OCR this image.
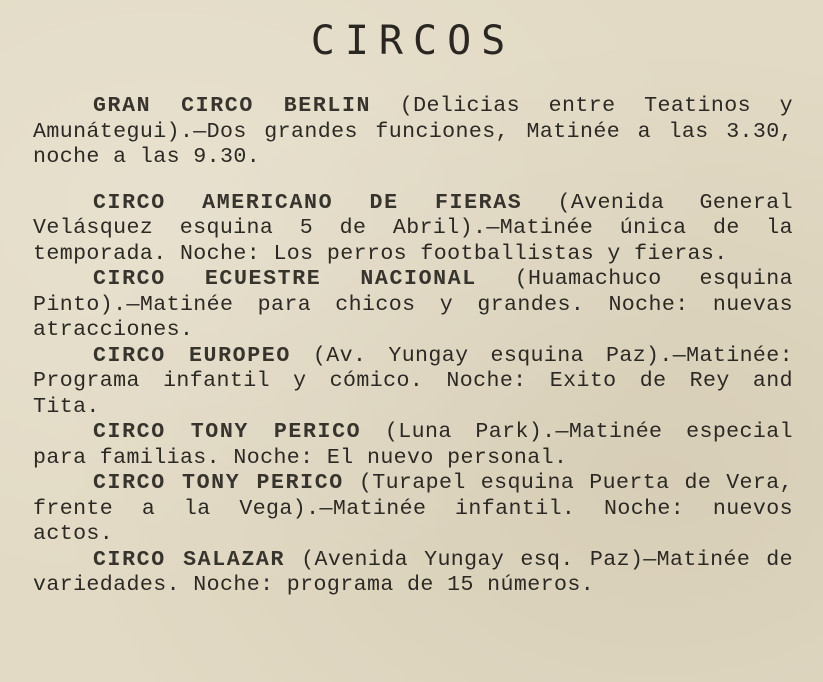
CIRCOS

GRAN CIRCO BERLIN (Delicias entre Teatinos y Amunátegui).—Dos grandes funciones, Matinée a las 3.30, noche a las 9.30.

CIRCO AMERICANO DE FIERAS (Avenida General Velásquez esquina 5 de Abril).—Matinée única de la temporada. Noche: Los perros footballistas y fieras.

CIRCO ECUESTRE NACIONAL (Huamachuco esquina Pinto).—Matinée para chicos y grandes. Noche: nuevas atracciones.

CIRCO EUROPEO (Av. Yungay esquina Paz).—Matinée: Programa infantil y cómico. Noche: Exito de Rey and Tita.

CIRCO TONY PERICO (Luna Park).—Matinée especial para familias. Noche: El nuevo personal.

CIRCO TONY PERICO (Turapel esquina Puerta de Vera, frente a la Vega).—Matinée infantil. Noche: nuevos actos.

CIRCO SALAZAR (Avenida Yungay esq. Paz)—Matinée de variedades. Noche: programa de 15 números.
